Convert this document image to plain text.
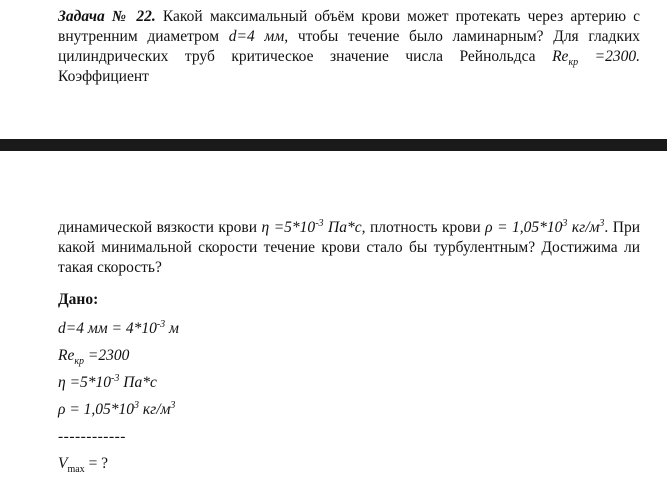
Задача № 22. Какой максимальный объём крови может протекать через артерию с внутренним диаметром d=4 мм, чтобы течение было ламинарным? Для гладких цилиндрических труб критическое значение числа Рейнольдса $Re_{кр} =2300$. Коэффициент
динамической вязкости крови $\eta =5*10^{-3}$ Па*с, плотность крови $\rho = 1,05*10^3$ $кг/м^3$. При какой минимальной скорости течение крови стало бы турбулентным? Достижима ли такая скорость?
Дано:
d=4 мм = $4*10^{-3}$ м
$Re_{кр} =2300$
$\eta =5*10^{-3}$ Па*с
$\rho = 1,05*10^3$ $кг/м^3$
------------
$V_{max}$ = ?
